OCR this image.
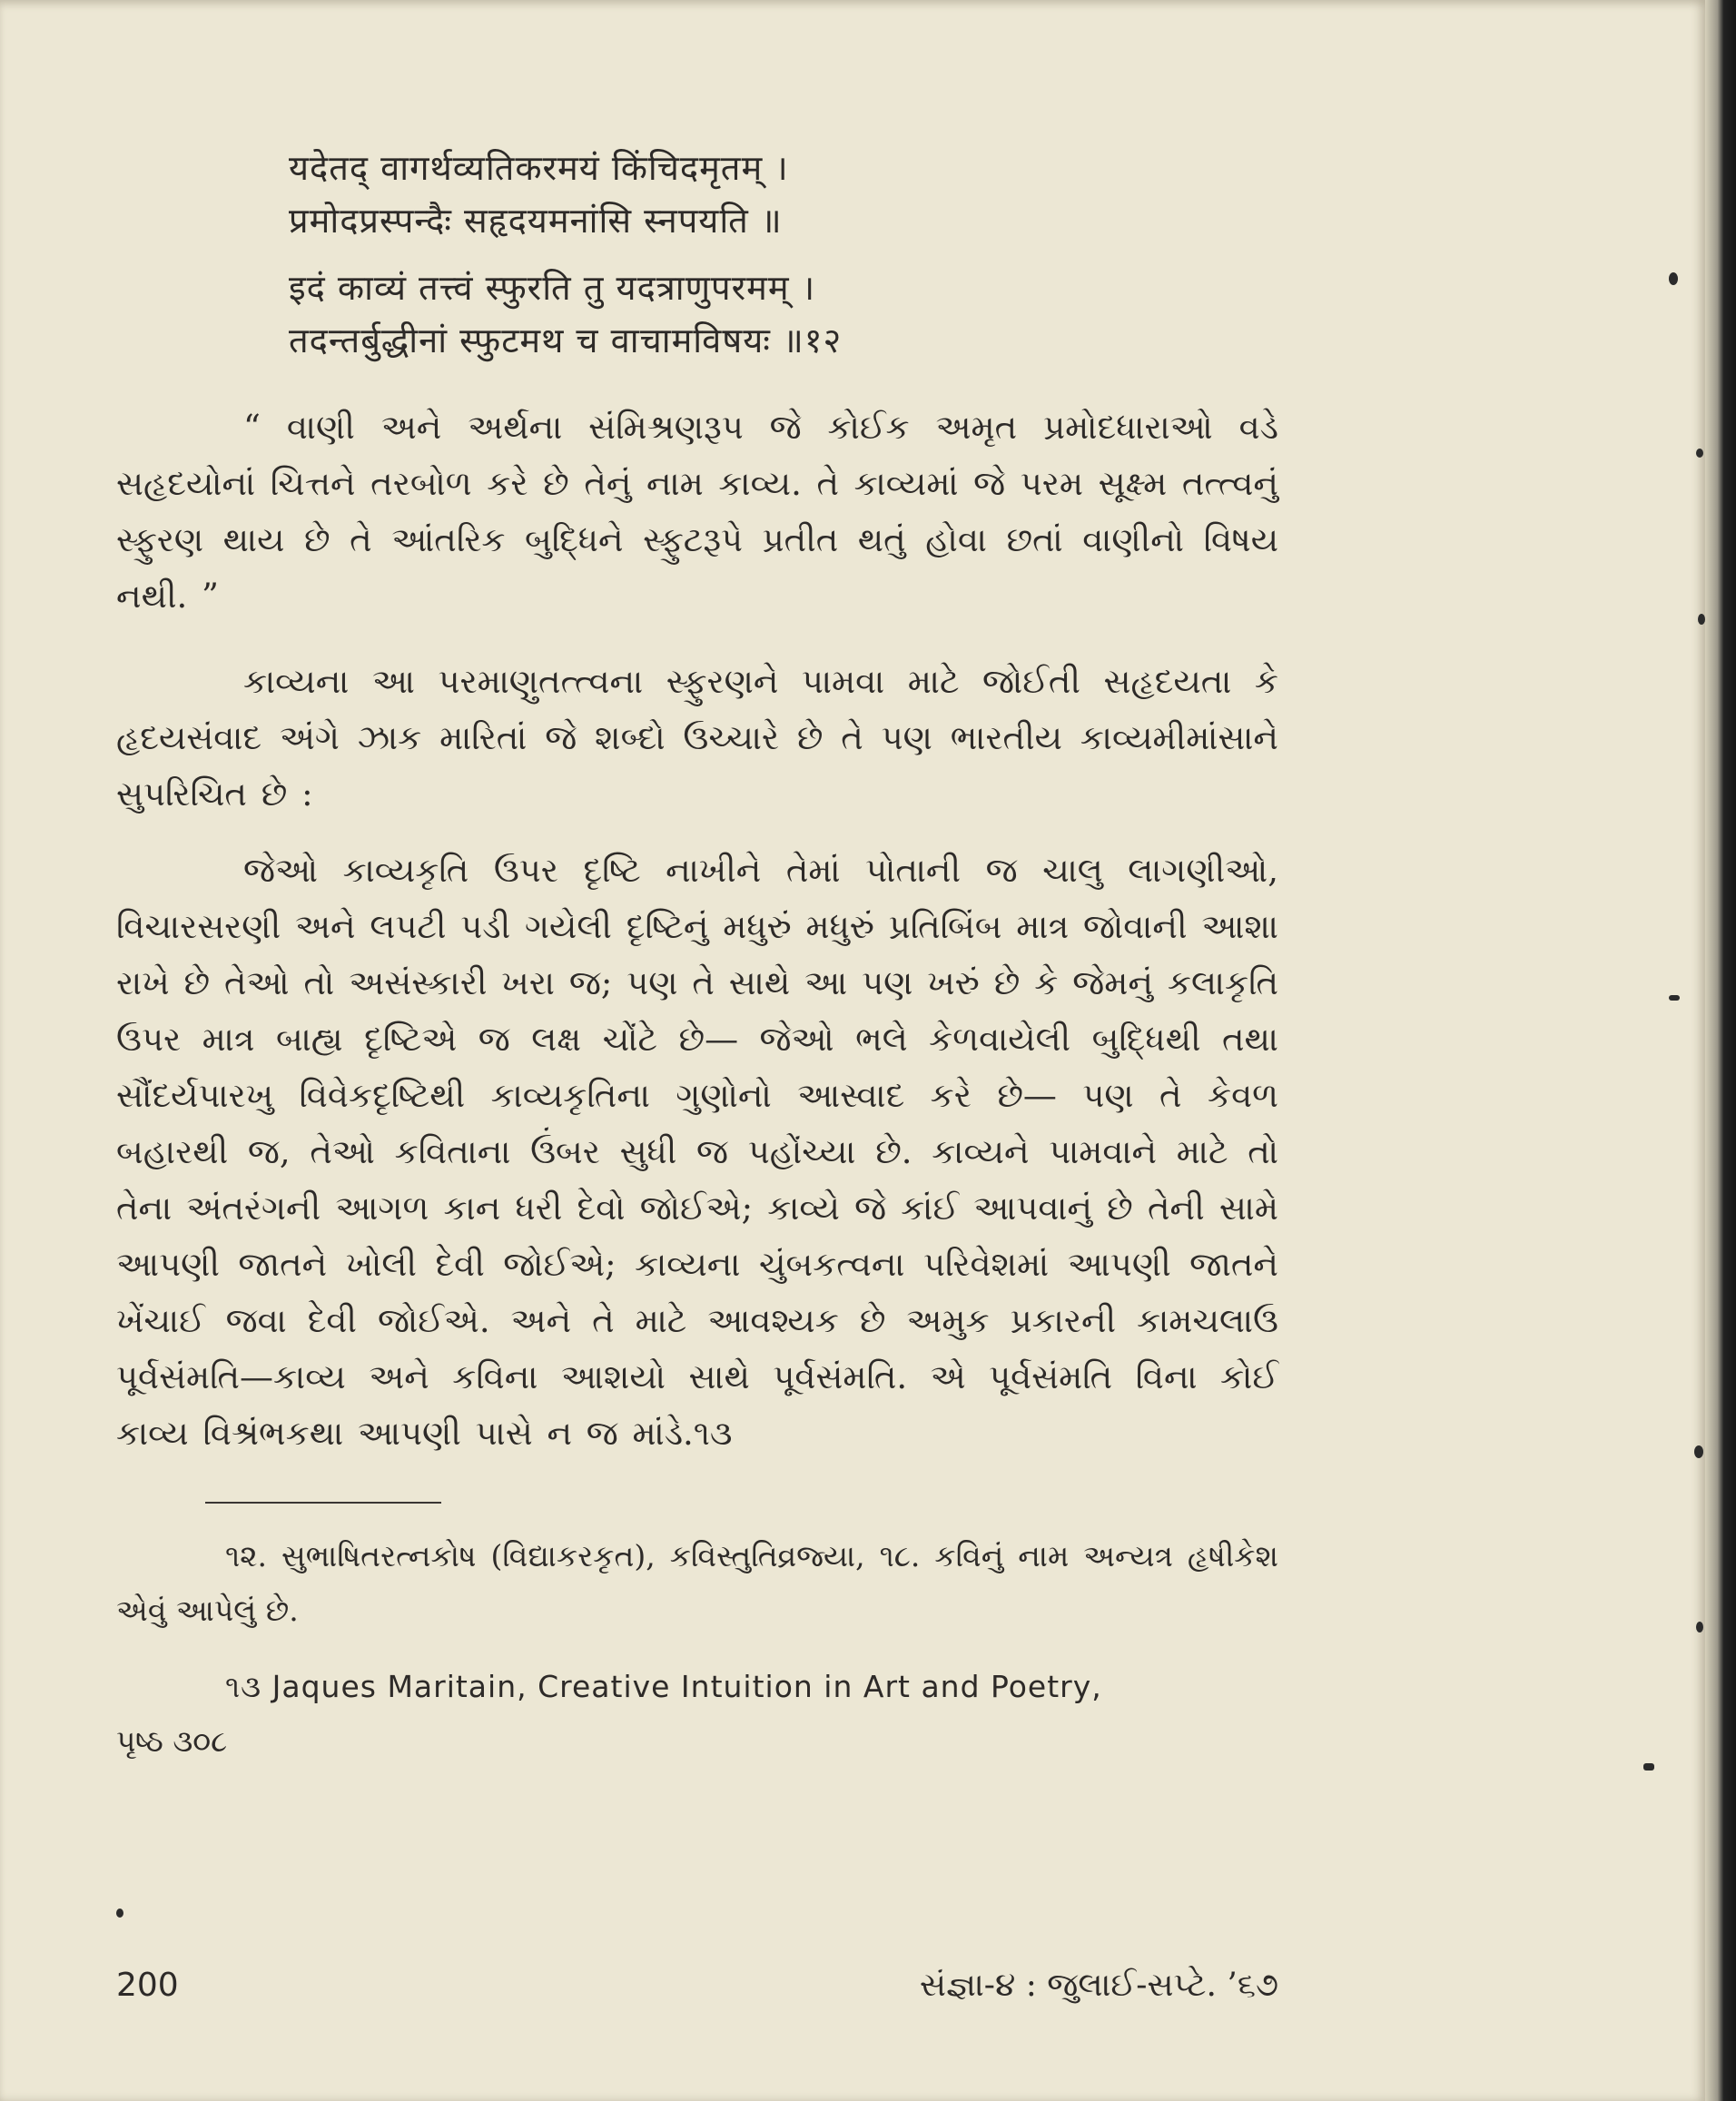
यदेतद् वागर्थव्यतिकरमयं किंचिदमृतम् ।

प्रमोदप्रस्पन्दैः सहृदयमनांसि स्नपयति ॥

इदं काव्यं तत्त्वं स्फुरति तु यदत्राणुपरमम् ।

तदन्तर्बुद्धीनां स्फुटमथ च वाचामविषयः ॥१२

“ વાણી અને અર્થના સંમિશ્રણરૂપ જે કોઈક અમૃત પ્રમોદધારાઓ વડે સહૃદયોનાં ચિત્તને તરબોળ કરે છે તેનું નામ કાવ્ય. તે કાવ્યમાં જે પરમ સૂક્ષ્મ તત્ત્વનું સ્ફુરણ થાય છે તે આંતરિક બુદ્ધિને સ્ફુટરૂપે પ્રતીત થતું હોવા છતાં વાણીનો વિષય નથી. ”

કાવ્યના આ પરમાણુતત્ત્વના સ્ફુરણને પામવા માટે જોઈતી સહૃદયતા કે હૃદયસંવાદ અંગે ઝાક મારિતાં જે શબ્દો ઉચ્ચારે છે તે પણ ભારતીય કાવ્યમીમાંસાને સુપરિચિત છે :

જેઓ કાવ્યકૃતિ ઉપર દૃષ્ટિ નાખીને તેમાં પોતાની જ ચાલુ લાગણીઓ, વિચારસરણી અને લપટી પડી ગયેલી દૃષ્ટિનું મધુરું મધુરું પ્રતિબિંબ માત્ર જોવાની આશા રાખે છે તેઓ તો અસંસ્કારી ખરા જ; પણ તે સાથે આ પણ ખરું છે કે જેમનું કલાકૃતિ ઉપર માત્ર બાહ્ય દૃષ્ટિએ જ લક્ષ ચોંટે છે— જેઓ ભલે કેળવાયેલી બુદ્ધિથી તથા સૌંદર્યપારખુ વિવેકદૃષ્ટિથી કાવ્યકૃતિના ગુણોનો આસ્વાદ કરે છે— પણ તે કેવળ બહારથી જ, તેઓ કવિતાના ઉંબર સુધી જ પહોંચ્યા છે. કાવ્યને પામવાને માટે તો તેના અંતરંગની આગળ કાન ધરી દેવો જોઈએ; કાવ્યે જે કાંઈ આપવાનું છે તેની સામે આપણી જાતને ખોલી દેવી જોઈએ; કાવ્યના ચુંબકત્વના પરિવેશમાં આપણી જાતને ખેંચાઈ જવા દેવી જોઈએ. અને તે માટે આવશ્યક છે અમુક પ્રકારની કામચલાઉ પૂર્વસંમતિ—કાવ્ય અને કવિના આશયો સાથે પૂર્વસંમતિ. એ પૂર્વસંમતિ વિના કોઈ કાવ્ય વિશ્રંભકથા આપણી પાસે ન જ માંડે.૧૩

૧૨. સુભાષિતરત્નકોષ (વિદ્યાકરકૃત), કવિસ્તુતિવ્રજ્યા, ૧૮. કવિનું નામ અન્યત્ર હૃષીકેશ એવું આપેલું છે.

૧૩ Jaques Maritain, Creative Intuition in Art and Poetry,

પૃષ્ઠ ૩૦૮

200	સંજ્ઞા-૪ : જુલાઈ-સપ્ટે. ’૬૭
